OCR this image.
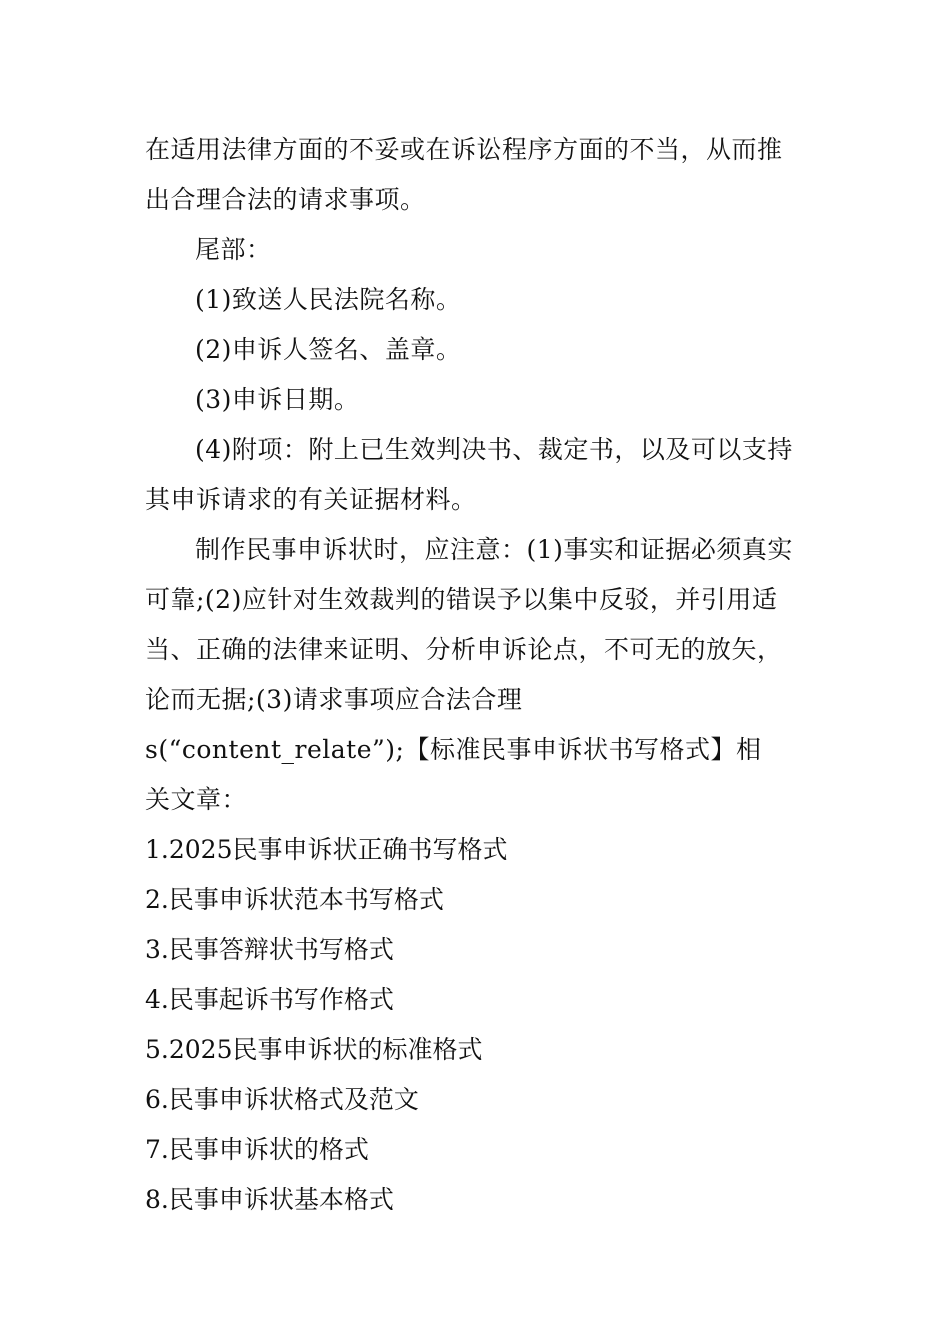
在适用法律方面的不妥或在诉讼程序方面的不当，从而推出合理合法的请求事项。

尾部：

(1)致送人民法院名称。

(2)申诉人签名、盖章。

(3)申诉日期。

(4)附项：附上已生效判决书、裁定书，以及可以支持其申诉请求的有关证据材料。

制作民事申诉状时，应注意：(1)事实和证据必须真实可靠;(2)应针对生效裁判的错误予以集中反驳，并引用适当、正确的法律来证明、分析申诉论点，不可无的放矢，论而无据;(3)请求事项应合法合理

s(“content_relate”);【标准民事申诉状书写格式】相

关文章：

1.2025民事申诉状正确书写格式
2.民事申诉状范本书写格式
3.民事答辩状书写格式
4.民事起诉书写作格式
5.2025民事申诉状的标准格式
6.民事申诉状格式及范文
7.民事申诉状的格式
8.民事申诉状基本格式
